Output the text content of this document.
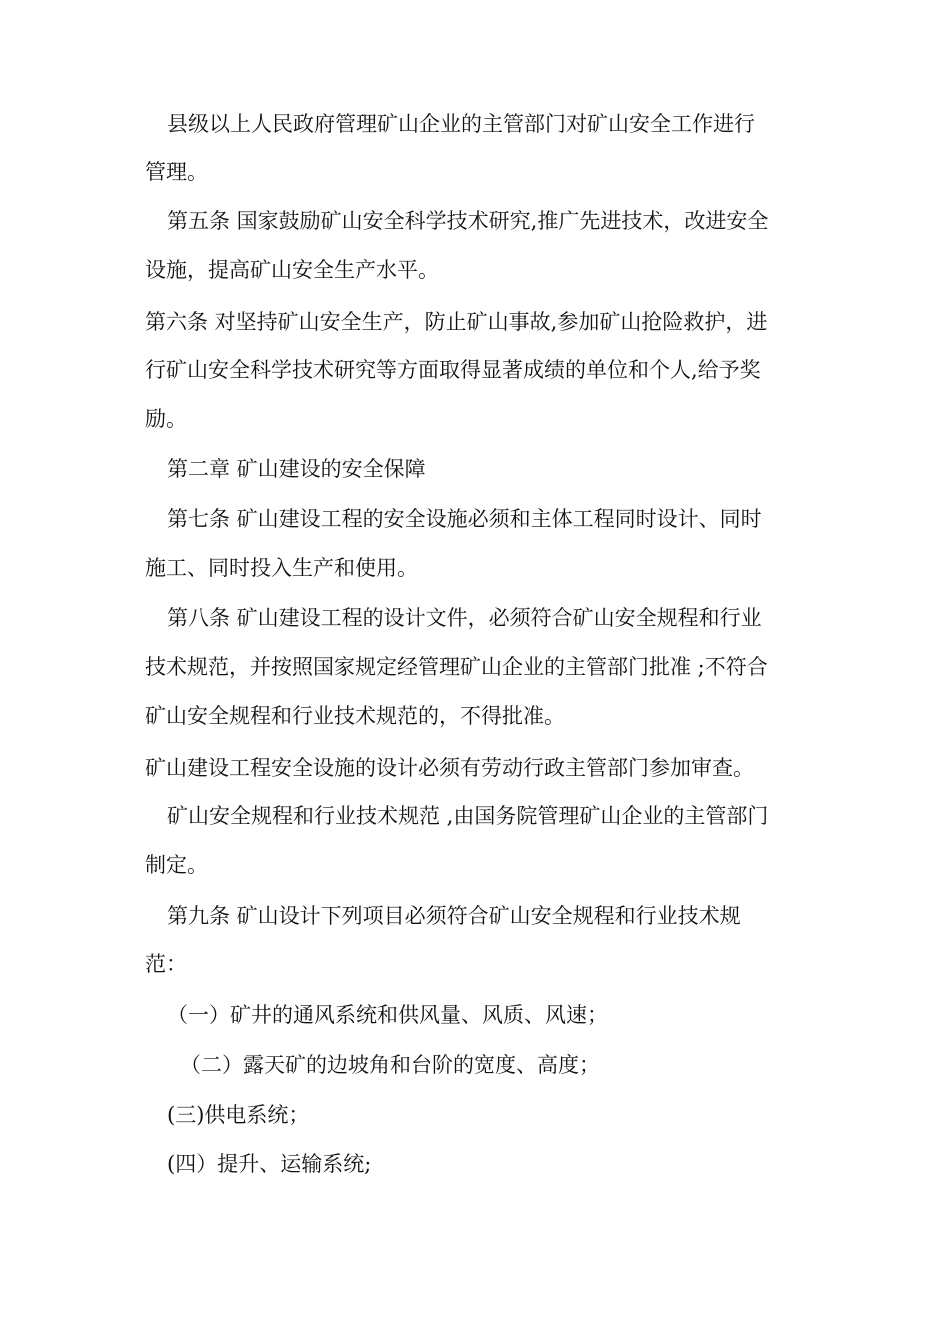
县级以上人民政府管理矿山企业的主管部门对矿山安全工作进行
管理。
第五条 国家鼓励矿山安全科学技术研究,推广先进技术，改进安全
设施，提高矿山安全生产水平。
第六条 对坚持矿山安全生产，防止矿山事故,参加矿山抢险救护，进
行矿山安全科学技术研究等方面取得显著成绩的单位和个人,给予奖
励。
第二章 矿山建设的安全保障
第七条 矿山建设工程的安全设施必须和主体工程同时设计、同时
施工、同时投入生产和使用。
第八条 矿山建设工程的设计文件，必须符合矿山安全规程和行业
技术规范，并按照国家规定经管理矿山企业的主管部门批准 ;不符合
矿山安全规程和行业技术规范的，不得批准。
矿山建设工程安全设施的设计必须有劳动行政主管部门参加审查。
矿山安全规程和行业技术规范 ,由国务院管理矿山企业的主管部门
制定。
第九条 矿山设计下列项目必须符合矿山安全规程和行业技术规
范：
（一）矿井的通风系统和供风量、风质、风速；
（二）露天矿的边坡角和台阶的宽度、高度；
(三)供电系统；
(四）提升、运输系统;
